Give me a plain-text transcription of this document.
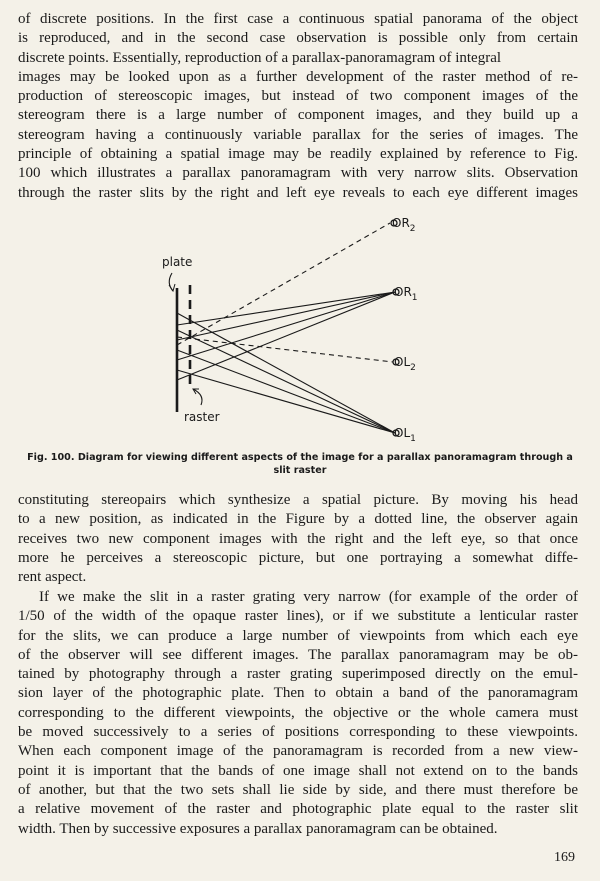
of discrete positions. In the first case a continuous spatial panorama of the object
is reproduced, and in the second case observation is possible only from certain
discrete points. Essentially, reproduction of a parallax-panoramagram of integral
images may be looked upon as a further development of the raster method of re-
production of stereoscopic images, but instead of two component images of the
stereogram there is a large number of component images, and they build up a
stereogram having a continuously variable parallax for the series of images. The
principle of obtaining a spatial image may be readily explained by reference to Fig.
100 which illustrates a parallax panoramagram with very narrow slits. Observation
through the raster slits by the right and left eye reveals to each eye different images
$OR_2$
$OR_1$
$OL_2$
$OL_1$
plate
raster
Fig. 100. Diagram for viewing different aspects of the image for a parallax panoramagram through a
slit raster
constituting stereopairs which synthesize a spatial picture. By moving his head
to a new position, as indicated in the Figure by a dotted line, the observer again
receives two new component images with the right and the left eye, so that once
more he perceives a stereoscopic picture, but one portraying a somewhat diffe-
rent aspect.
If we make the slit in a raster grating very narrow (for example of the order of
1/50 of the width of the opaque raster lines), or if we substitute a lenticular raster
for the slits, we can produce a large number of viewpoints from which each eye
of the observer will see different images. The parallax panoramagram may be ob-
tained by photography through a raster grating superimposed directly on the emul-
sion layer of the photographic plate. Then to obtain a band of the panoramagram
corresponding to the different viewpoints, the objective or the whole camera must
be moved successively to a series of positions corresponding to these viewpoints.
When each component image of the panoramagram is recorded from a new view-
point it is important that the bands of one image shall not extend on to the bands
of another, but that the two sets shall lie side by side, and there must therefore be
a relative movement of the raster and photographic plate equal to the raster slit
width. Then by successive exposures a parallax panoramagram can be obtained.
169
